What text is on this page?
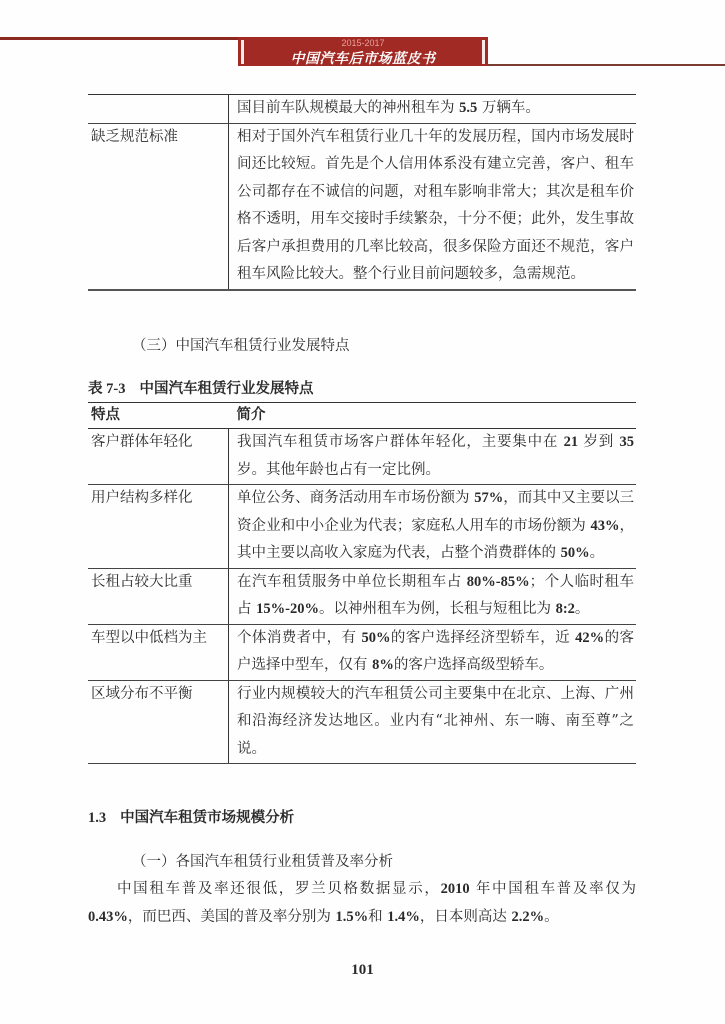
2015-2017
中国汽车后市场蓝皮书
	国目前车队规模最大的神州租车为 5.5 万辆车。
缺乏规范标准	相对于国外汽车租赁行业几十年的发展历程，国内市场发展时间还比较短。首先是个人信用体系没有建立完善，客户、租车公司都存在不诚信的问题，对租车影响非常大；其次是租车价格不透明，用车交接时手续繁杂，十分不便；此外，发生事故后客户承担费用的几率比较高，很多保险方面还不规范，客户租车风险比较大。整个行业目前问题较多，急需规范。
（三）中国汽车租赁行业发展特点
表 7-3 中国汽车租赁行业发展特点
特点	简介
客户群体年轻化	我国汽车租赁市场客户群体年轻化，主要集中在 21 岁到 35 岁。其他年龄也占有一定比例。
用户结构多样化	单位公务、商务活动用车市场份额为 57%，而其中又主要以三资企业和中小企业为代表；家庭私人用车的市场份额为 43%，其中主要以高收入家庭为代表，占整个消费群体的 50%。
长租占较大比重	在汽车租赁服务中单位长期租车占 80%-85%；个人临时租车占 15%-20%。以神州租车为例，长租与短租比为 8:2。
车型以中低档为主	个体消费者中，有 50%的客户选择经济型轿车，近 42%的客户选择中型车，仅有 8%的客户选择高级型轿车。
区域分布不平衡	行业内规模较大的汽车租赁公司主要集中在北京、上海、广州和沿海经济发达地区。业内有“北神州、东一嗨、南至尊”之说。
1.3 中国汽车租赁市场规模分析
（一）各国汽车租赁行业租赁普及率分析

中国租车普及率还很低，罗兰贝格数据显示，2010 年中国租车普及率仅为 0.43%，而巴西、美国的普及率分别为 1.5%和 1.4%，日本则高达 2.2%。

101
